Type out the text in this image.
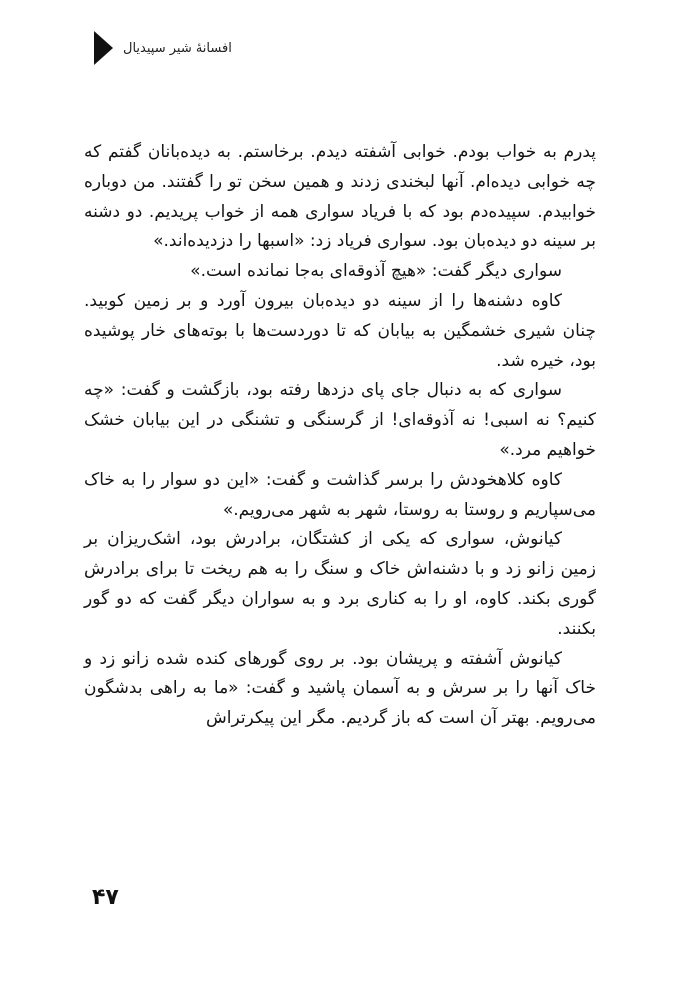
افسانهٔ شیر سپیدیال

پدرم به خواب بودم. خوابی آشفته دیدم. برخاستم. به دیده‌بانان گفتم که چه خوابی دیده‌ام. آنها لبخندی زدند و همین سخن تو را گفتند. من دوباره خوابیدم. سپیده‌دم بود که با فریاد سواری همه از خواب پریدیم. دو دشنه بر سینه دو دیده‌بان بود. سواری فریاد زد: «اسبها را دزدیده‌اند.»

سواری دیگر گفت: «هیچ آذوقه‌ای به‌جا نمانده است.»

کاوه دشنه‌ها را از سینه دو دیده‌بان بیرون آورد و بر زمین کوبید. چنان شیری خشمگین به بیابان که تا دوردست‌ها با بوته‌های خار پوشیده بود، خیره شد.

سواری که به دنبال جای پای دزدها رفته بود، بازگشت و گفت: «چه کنیم؟ نه اسبی! نه آذوقه‌ای! از گرسنگی و تشنگی در این بیابان خشک خواهیم مرد.»

کاوه کلاهخودش را برسر گذاشت و گفت: «این دو سوار را به خاک می‌سپاریم و روستا به روستا، شهر به شهر می‌رویم.»

کیانوش، سواری که یکی از کشتگان، برادرش بود، اشک‌ریزان بر زمین زانو زد و با دشنه‌اش خاک و سنگ را به هم ریخت تا برای برادرش گوری بکند. کاوه، او را به کناری برد و به سواران دیگر گفت که دو گور بکنند.

کیانوش آشفته و پریشان بود. بر روی گورهای کنده شده زانو زد و خاک آنها را بر سرش و به آسمان پاشید و گفت: «ما به راهی بدشگون می‌رویم. بهتر آن است که باز گردیم. مگر این پیکرتراش

۴۷
